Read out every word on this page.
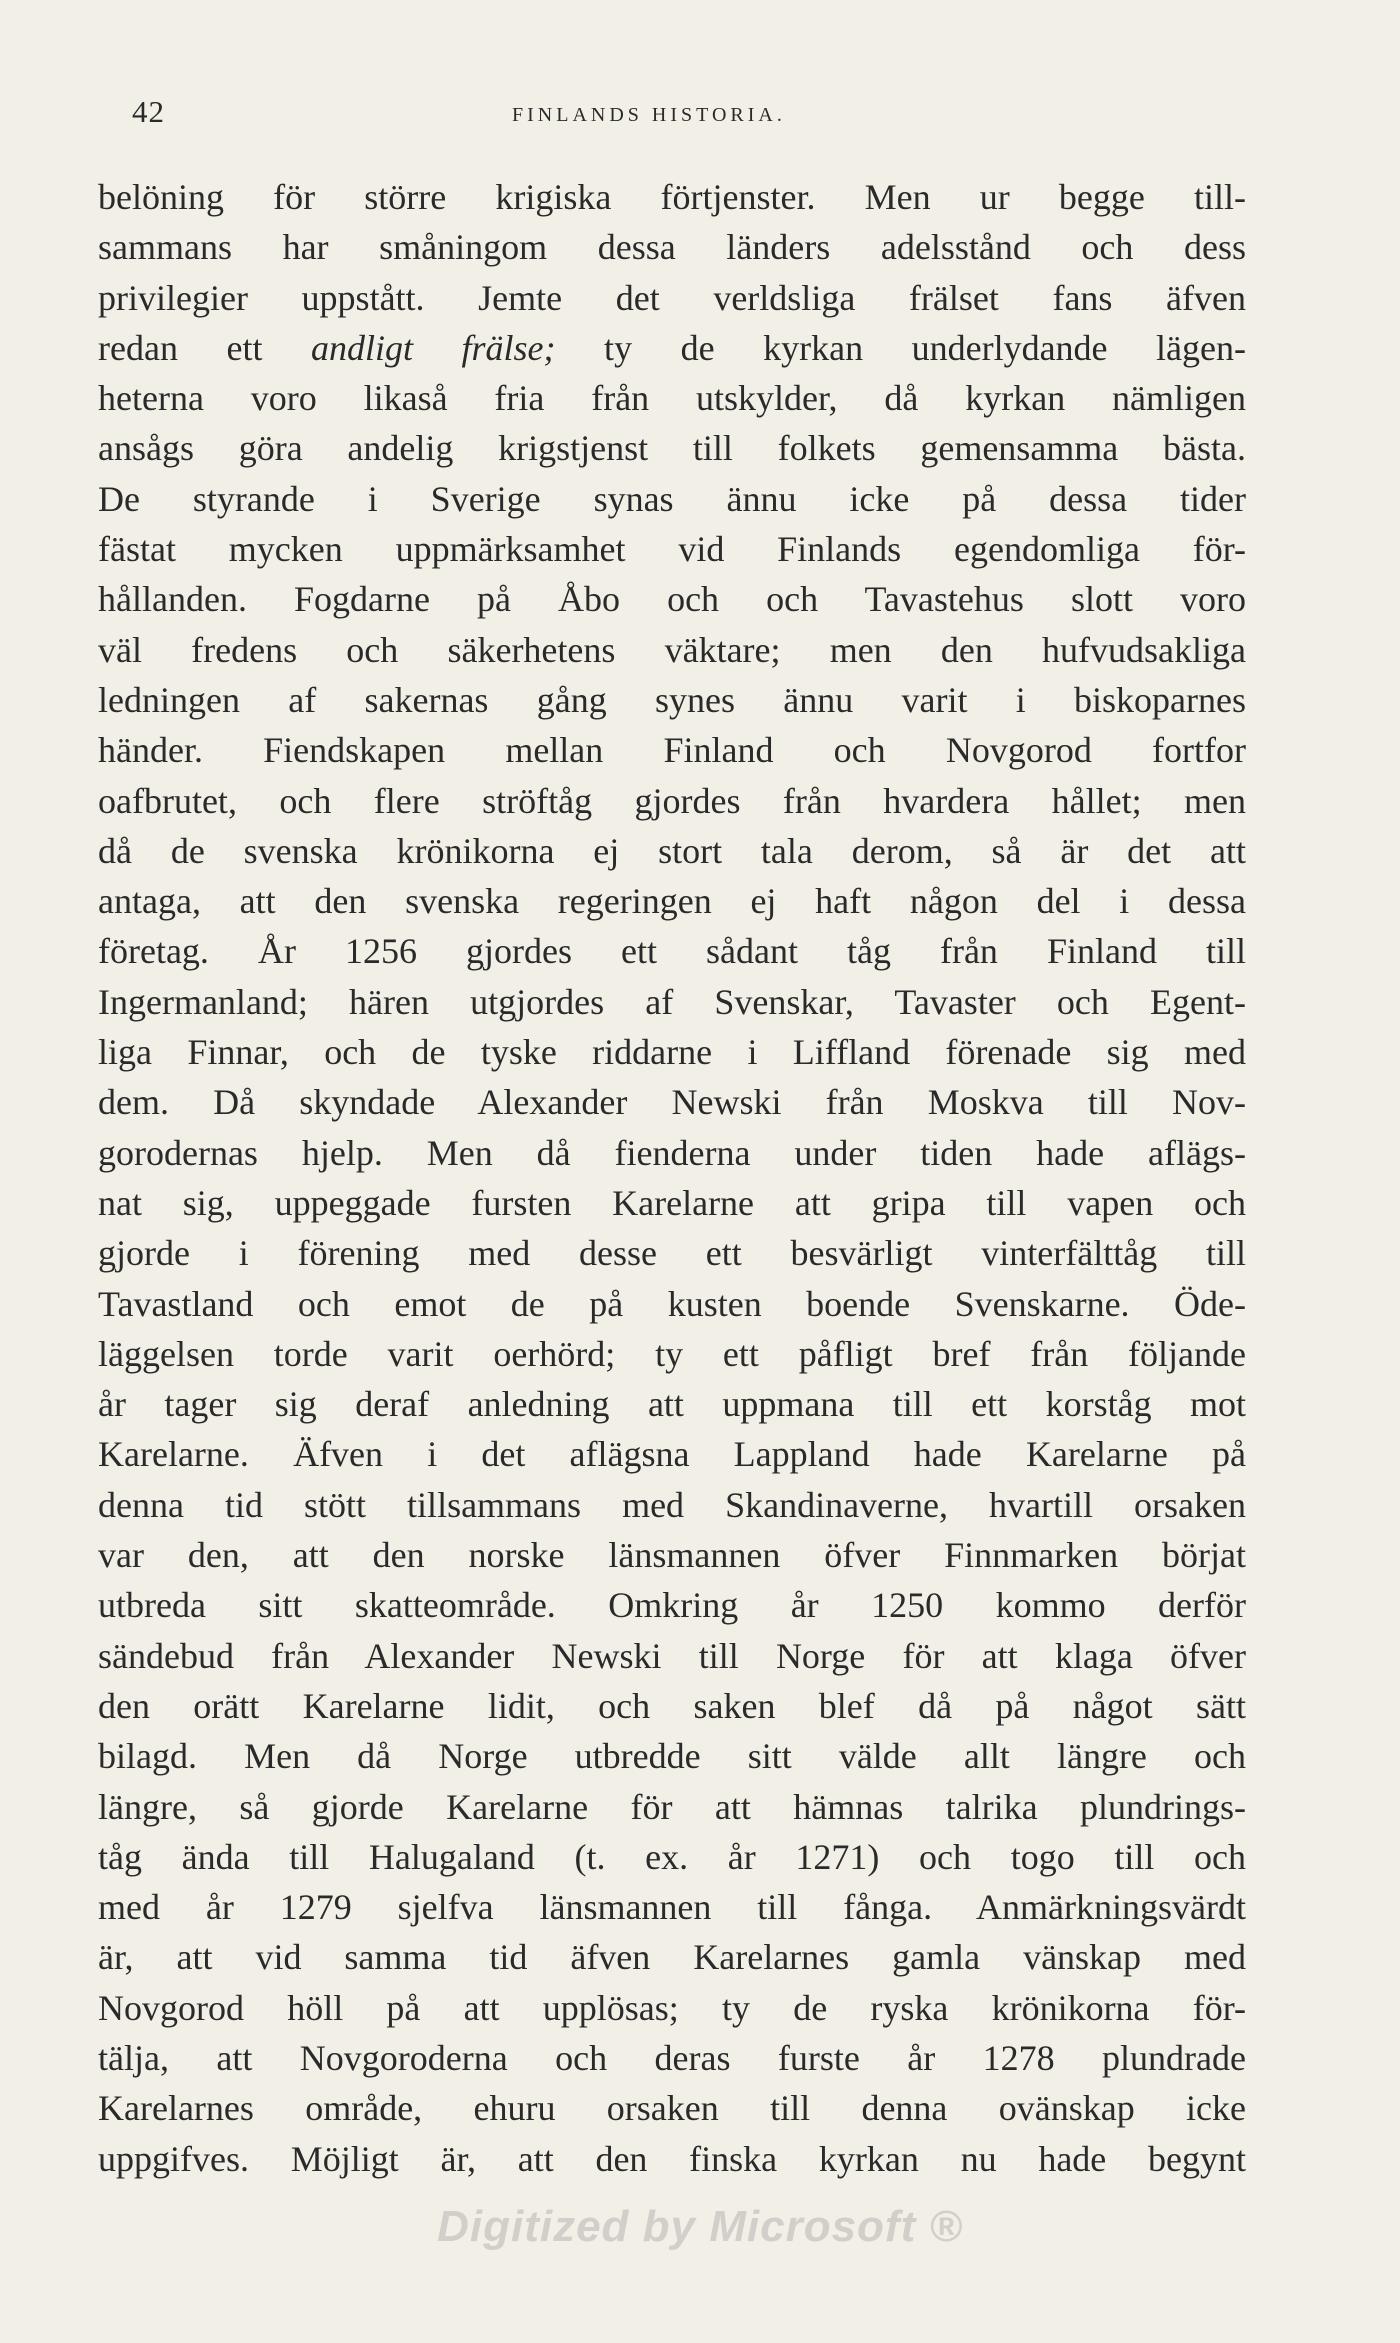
42	FINLANDS HISTORIA.
belöning för större krigiska förtjenster. Men ur begge till-
sammans har småningom dessa länders adelsstånd och dess
privilegier uppstått. Jemte det verldsliga frälset fans äfven
redan ett andligt frälse; ty de kyrkan underlydande lägen-
heterna voro likaså fria från utskylder, då kyrkan nämligen
ansågs göra andelig krigstjenst till folkets gemensamma bästa.
De styrande i Sverige synas ännu icke på dessa tider
fästat mycken uppmärksamhet vid Finlands egendomliga för-
hållanden. Fogdarne på Åbo och och Tavastehus slott voro
väl fredens och säkerhetens väktare; men den hufvudsakliga
ledningen af sakernas gång synes ännu varit i biskoparnes
händer. Fiendskapen mellan Finland och Novgorod fortfor
oafbrutet, och flere ströftåg gjordes från hvardera hållet; men
då de svenska krönikorna ej stort tala derom, så är det att
antaga, att den svenska regeringen ej haft någon del i dessa
företag. År 1256 gjordes ett sådant tåg från Finland till
Ingermanland; hären utgjordes af Svenskar, Tavaster och Egent-
liga Finnar, och de tyske riddarne i Liffland förenade sig med
dem. Då skyndade Alexander Newski från Moskva till Nov-
gorodernas hjelp. Men då fienderna under tiden hade aflägs-
nat sig, uppeggade fursten Karelarne att gripa till vapen och
gjorde i förening med desse ett besvärligt vinterfälttåg till
Tavastland och emot de på kusten boende Svenskarne. Öde-
läggelsen torde varit oerhörd; ty ett påfligt bref från följande
år tager sig deraf anledning att uppmana till ett korståg mot
Karelarne. Äfven i det aflägsna Lappland hade Karelarne på
denna tid stött tillsammans med Skandinaverne, hvartill orsaken
var den, att den norske länsmannen öfver Finnmarken börjat
utbreda sitt skatteområde. Omkring år 1250 kommo derför
sändebud från Alexander Newski till Norge för att klaga öfver
den orätt Karelarne lidit, och saken blef då på något sätt
bilagd. Men då Norge utbredde sitt välde allt längre och
längre, så gjorde Karelarne för att hämnas talrika plundrings-
tåg ända till Halugaland (t. ex. år 1271) och togo till och
med år 1279 sjelfva länsmannen till fånga. Anmärkningsvärdt
är, att vid samma tid äfven Karelarnes gamla vänskap med
Novgorod höll på att upplösas; ty de ryska krönikorna för-
tälja, att Novgoroderna och deras furste år 1278 plundrade
Karelarnes område, ehuru orsaken till denna ovänskap icke
uppgifves. Möjligt är, att den finska kyrkan nu hade begynt
Digitized by Microsoft ®
